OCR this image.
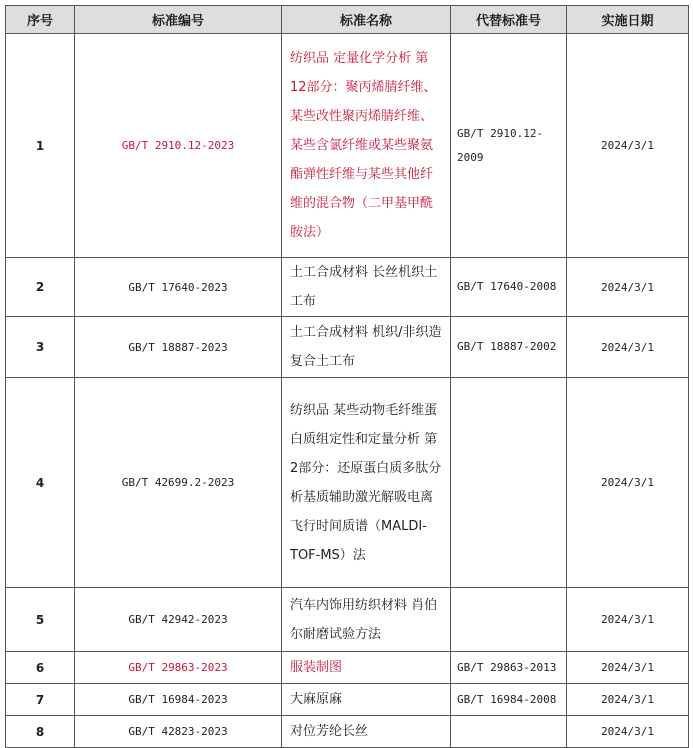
序号	标准编号	标准名称	代替标准号	实施日期
1	GB/T 2910.12-2023	纺织品 定量化学分析 第12部分：聚丙烯腈纤维、某些改性聚丙烯腈纤维、某些含氯纤维或某些聚氨酯弹性纤维与某些其他纤维的混合物（二甲基甲酰胺法）	GB/T 2910.12-2009	2024/3/1
2	GB/T 17640-2023	土工合成材料 长丝机织土工布	GB/T 17640-2008	2024/3/1
3	GB/T 18887-2023	土工合成材料 机织/非织造复合土工布	GB/T 18887-2002	2024/3/1
4	GB/T 42699.2-2023	纺织品 某些动物毛纤维蛋白质组定性和定量分析 第2部分：还原蛋白质多肽分析基质辅助激光解吸电离飞行时间质谱（MALDI-TOF-MS）法		2024/3/1
5	GB/T 42942-2023	汽车内饰用纺织材料 肖伯尔耐磨试验方法		2024/3/1
6	GB/T 29863-2023	服装制图	GB/T 29863-2013	2024/3/1
7	GB/T 16984-2023	大麻原麻	GB/T 16984-2008	2024/3/1
8	GB/T 42823-2023	对位芳纶长丝		2024/3/1
